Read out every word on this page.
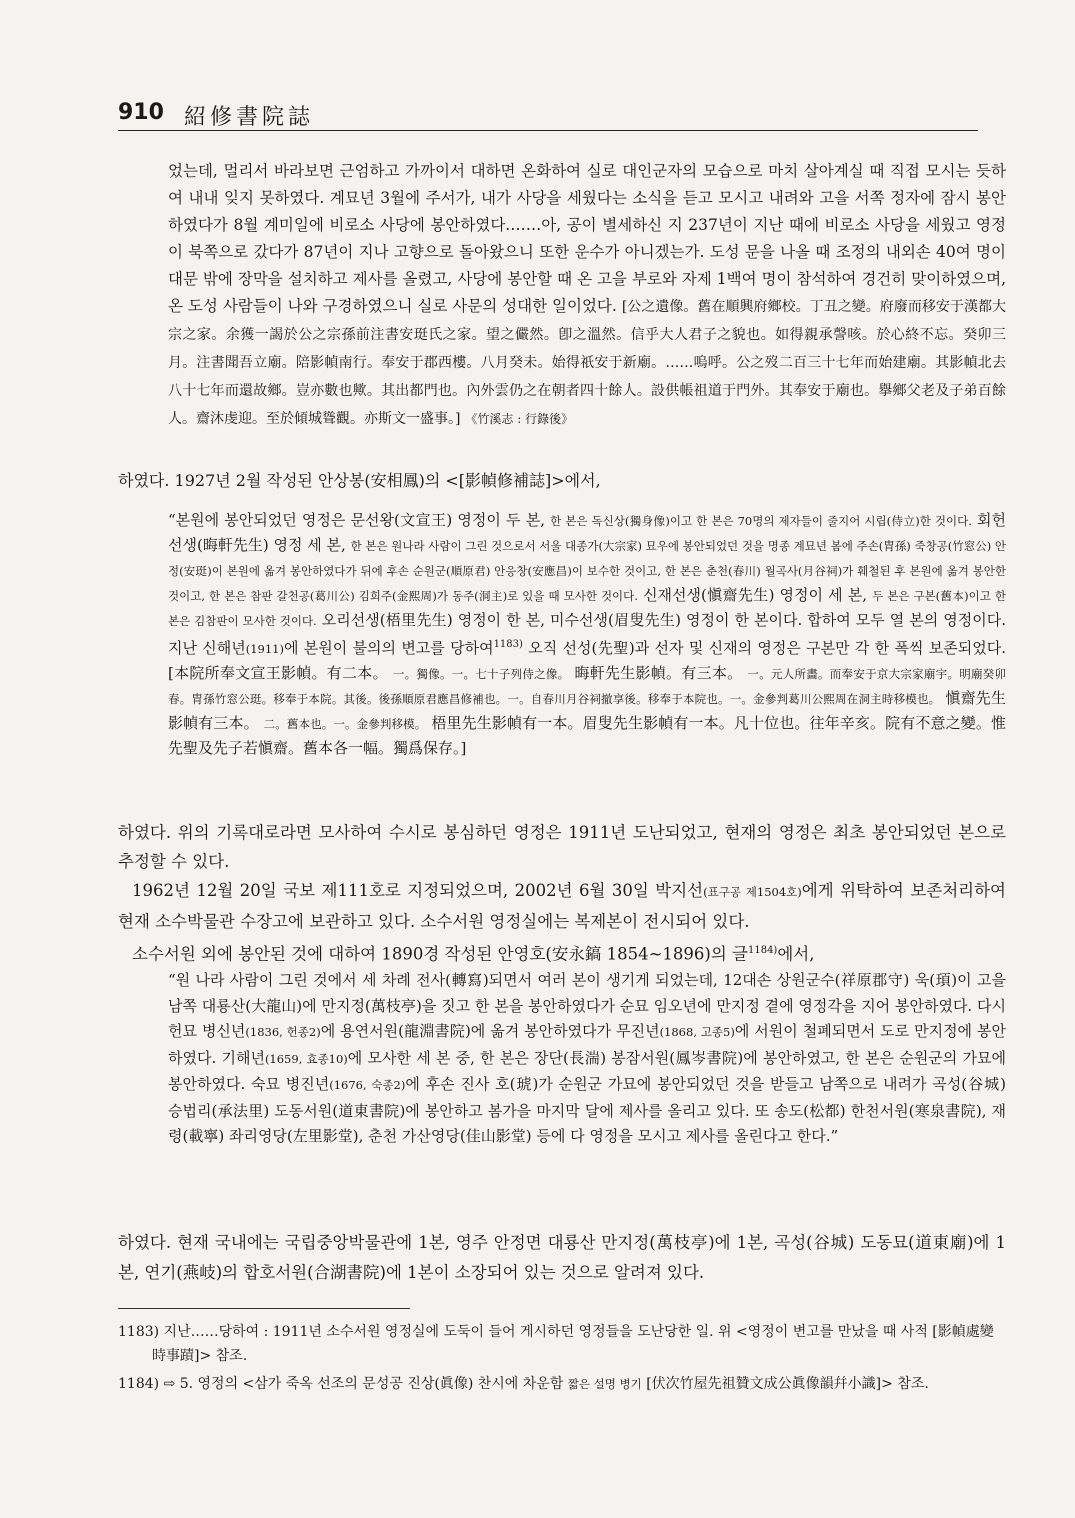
910 紹修書院誌

었는데, 멀리서 바라보면 근엄하고 가까이서 대하면 온화하여 실로 대인군자의 모습으로 마치 살아계실 때 직접 모시는 듯하여 내내 잊지 못하였다. 계묘년 3월에 주서가, 내가 사당을 세웠다는 소식을 듣고 모시고 내려와 고을 서쪽 정자에 잠시 봉안하였다가 8월 계미일에 비로소 사당에 봉안하였다.……아, 공이 별세하신 지 237년이 지난 때에 비로소 사당을 세웠고 영정이 북쪽으로 갔다가 87년이 지나 고향으로 돌아왔으니 또한 운수가 아니겠는가. 도성 문을 나올 때 조정의 내외손 40여 명이 대문 밖에 장막을 설치하고 제사를 올렸고, 사당에 봉안할 때 온 고을 부로와 자제 1백여 명이 참석하여 경건히 맞이하였으며, 온 도성 사람들이 나와 구경하였으니 실로 사문의 성대한 일이었다. [公之遺像。舊在順興府鄉校。丁丑之變。府廢而移安于漢都大宗之家。余獲一謁於公之宗孫前注書安珽氏之家。望之儼然。卽之溫然。信乎大人君子之貌也。如得親承謦咳。於心終不忘。癸卯三月。注書聞吾立廟。陪影幀南行。奉安于郡西樓。八月癸未。始得祇安于新廟。……嗚呼。公之歿二百三十七年而始建廟。其影幀北去八十七年而還故鄉。豈亦數也歟。其出都門也。內外雲仍之在朝者四十餘人。設供帳祖道于門外。其奉安于廟也。擧鄉父老及子弟百餘人。齋沐虔迎。至於傾城聳觀。亦斯文一盛事。] 《竹溪志 : 行錄後》

하였다. 1927년 2월 작성된 안상봉(安相鳳)의 <[影幀修補誌]>에서,

“본원에 봉안되었던 영정은 문선왕(文宣王) 영정이 두 본, 한 본은 독신상(獨身像)이고 한 본은 70명의 제자들이 줄지어 시립(侍立)한 것이다. 회헌선생(晦軒先生) 영정 세 본, 한 본은 원나라 사람이 그린 것으로서 서울 대종가(大宗家) 묘우에 봉안되었던 것을 명종 계묘년 봄에 주손(胄孫) 죽창공(竹窓公) 안정(安珽)이 본원에 옮겨 봉안하였다가 뒤에 후손 순원군(順原君) 안응창(安應昌)이 보수한 것이고, 한 본은 춘천(春川) 월곡사(月谷祠)가 훼철된 후 본원에 옮겨 봉안한 것이고, 한 본은 참판 갈천공(葛川公) 김희주(金熙周)가 동주(洞主)로 있을 때 모사한 것이다. 신재선생(愼齋先生) 영정이 세 본, 두 본은 구본(舊本)이고 한 본은 김참판이 모사한 것이다. 오리선생(梧里先生) 영정이 한 본, 미수선생(眉叟先生) 영정이 한 본이다. 합하여 모두 열 본의 영정이다. 지난 신해년(1911)에 본원이 불의의 변고를 당하여$^{1183)}$ 오직 선성(先聖)과 선자 및 신재의 영정은 구본만 각 한 폭씩 보존되었다. [本院所奉文宣王影幀。有二本。 一。獨像。一。七十子列侍之像。 晦軒先生影幀。有三本。 一。元人所畵。而奉安于京大宗家廟宇。明廟癸卯春。胄孫竹窓公珽。移奉于本院。其後。後孫順原君應昌修補也。一。自春川月谷祠撤享後。移奉于本院也。一。金參判葛川公熙周在洞主時移模也。 愼齋先生影幀有三本。 二。舊本也。一。金參判移模。 梧里先生影幀有一本。眉叟先生影幀有一本。凡十位也。往年辛亥。院有不意之變。惟先聖及先子若愼齋。舊本各一幅。獨爲保存。]

하였다. 위의 기록대로라면 모사하여 수시로 봉심하던 영정은 1911년 도난되었고, 현재의 영정은 최초 봉안되었던 본으로 추정할 수 있다.

1962년 12월 20일 국보 제111호로 지정되었으며, 2002년 6월 30일 박지선(표구공 제1504호)에게 위탁하여 보존처리하여 현재 소수박물관 수장고에 보관하고 있다. 소수서원 영정실에는 복제본이 전시되어 있다.

소수서원 외에 봉안된 것에 대하여 1890경 작성된 안영호(安永鎬 1854~1896)의 글$^{1184)}$에서,

“원 나라 사람이 그린 것에서 세 차례 전사(轉寫)되면서 여러 본이 생기게 되었는데, 12대손 상원군수(祥原郡守) 욱(頊)이 고을 남쪽 대룡산(大龍山)에 만지정(萬枝亭)을 짓고 한 본을 봉안하였다가 순묘 임오년에 만지정 곁에 영정각을 지어 봉안하였다. 다시 헌묘 병신년(1836, 헌종2)에 용연서원(龍淵書院)에 옮겨 봉안하였다가 무진년(1868, 고종5)에 서원이 철폐되면서 도로 만지정에 봉안하였다. 기해년(1659, 효종10)에 모사한 세 본 중, 한 본은 장단(長湍) 봉잠서원(鳳岑書院)에 봉안하였고, 한 본은 순원군의 가묘에 봉안하였다. 숙묘 병진년(1676, 숙종2)에 후손 진사 호(琥)가 순원군 가묘에 봉안되었던 것을 받들고 남쪽으로 내려가 곡성(谷城) 승법리(承法里) 도동서원(道東書院)에 봉안하고 봄가을 마지막 달에 제사를 올리고 있다. 또 송도(松都) 한천서원(寒泉書院), 재령(載寧) 좌리영당(左里影堂), 춘천 가산영당(佳山影堂) 등에 다 영정을 모시고 제사를 올린다고 한다.”

하였다. 현재 국내에는 국립중앙박물관에 1본, 영주 안정면 대룡산 만지정(萬枝亭)에 1본, 곡성(谷城) 도동묘(道東廟)에 1본, 연기(燕岐)의 합호서원(合湖書院)에 1본이 소장되어 있는 것으로 알려져 있다.

1183) 지난……당하여 : 1911년 소수서원 영정실에 도둑이 들어 게시하던 영정들을 도난당한 일. 위 <영정이 변고를 만났을 때 사적 [影幀處變時事蹟]> 참조.
1184) ⇨ 5. 영정의 <삼가 죽옥 선조의 문성공 진상(眞像) 찬시에 차운함 짧은 설명 병기 [伏次竹屋先祖贊文成公眞像韻幷小識]> 참조.
